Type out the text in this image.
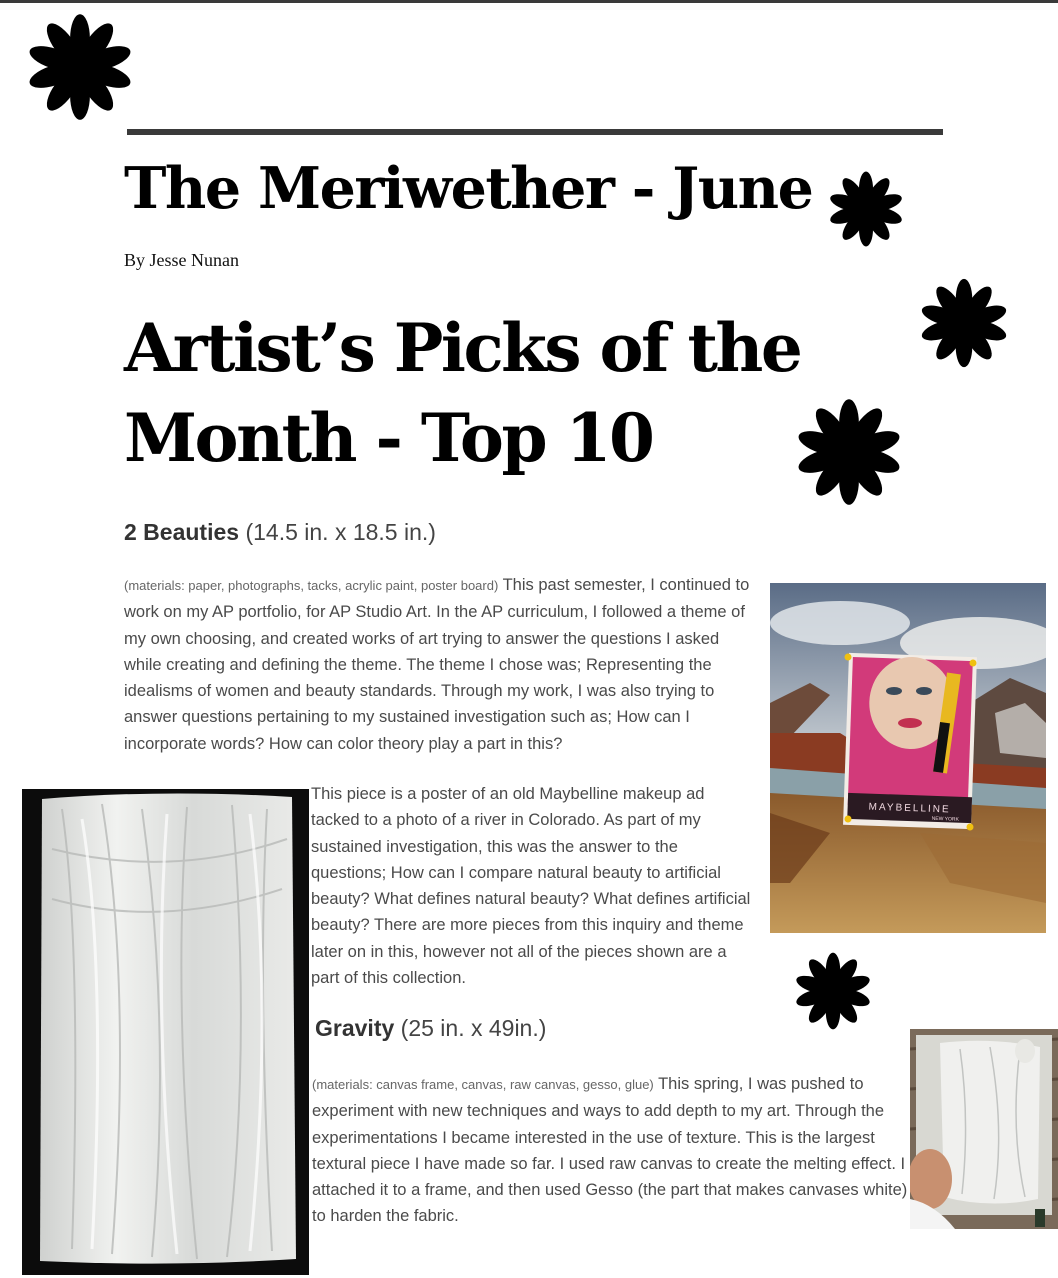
The Meriwether - June

By Jesse Nunan

Artist’s Picks of the Month - Top 10
2 Beauties (14.5 in. x 18.5 in.)

(materials: paper, photographs, tacks, acrylic paint, poster board) This past semester, I continued to work on my AP portfolio, for AP Studio Art. In the AP curriculum, I followed a theme of my own choosing, and created works of art trying to answer the questions I asked while creating and defining the theme. The theme I chose was; Representing the idealisms of women and beauty standards. Through my work, I was also trying to answer questions pertaining to my sustained investigation such as; How can I incorporate words? How can color theory play a part in this?

This piece is a poster of an old Maybelline makeup ad tacked to a photo of a river in Colorado. As part of my sustained investigation, this was the answer to the questions; How can I compare natural beauty to artificial beauty? What defines natural beauty? What defines artificial beauty? There are more pieces from this inquiry and theme later on in this, however not all of the pieces shown are a part of this collection.

MAYBELLINE
NEW YORK
Gravity (25 in. x 49in.)

(materials: canvas frame, canvas, raw canvas, gesso, glue) This spring, I was pushed to experiment with new techniques and ways to add depth to my art. Through the experimentations I became interested in the use of texture. This is the largest textural piece I have made so far. I used raw canvas to create the melting effect. I attached it to a frame, and then used Gesso (the part that makes canvases white) to harden the fabric.
